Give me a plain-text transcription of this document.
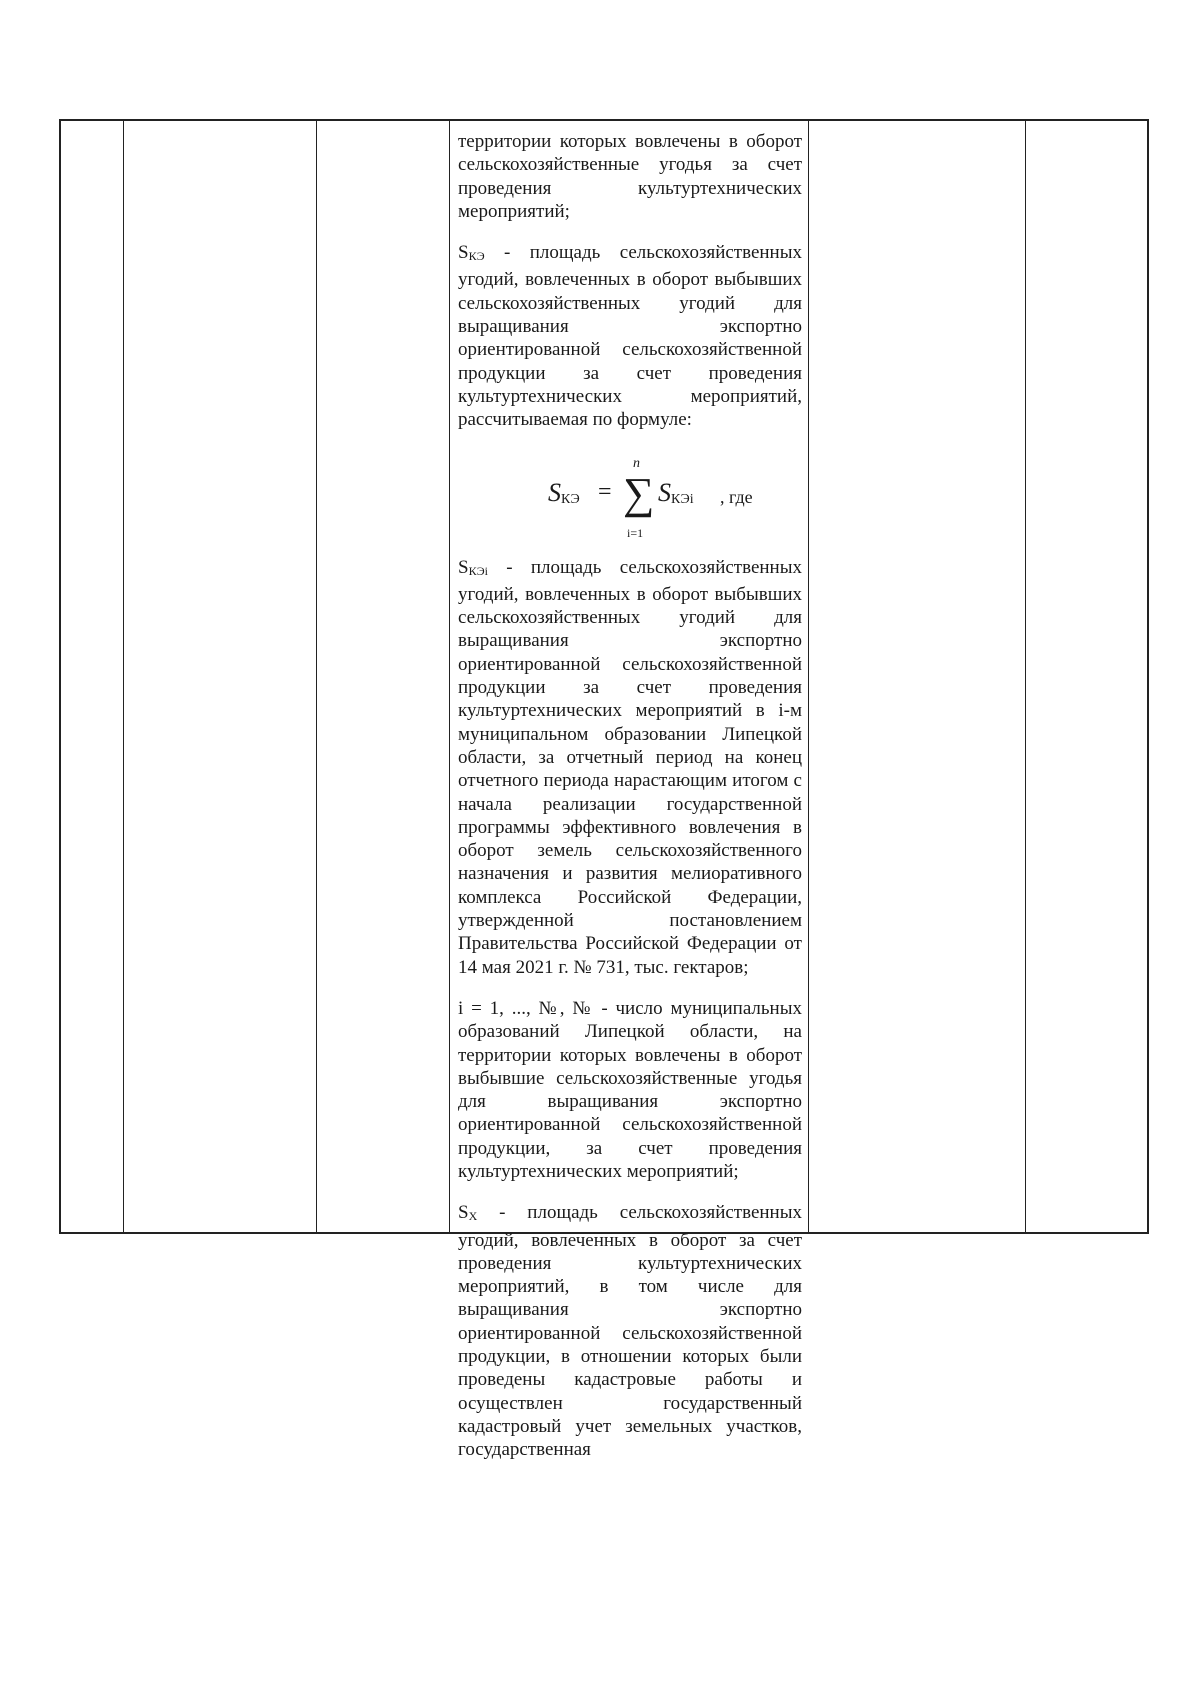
территории которых вовлечены в оборот сельскохозяйственные угодья за счет проведения культуртехнических мероприятий;

SКЭ - площадь сельскохозяйственных угодий, вовлеченных в оборот выбывших сельскохозяйственных угодий для выращивания экспортно ориентированной сельскохозяйственной продукции за счет проведения культуртехнических мероприятий, рассчитываемая по формуле:

SКЭ =
n
∑
i=1
SКЭi , где

SКЭi - площадь сельскохозяйственных угодий, вовлеченных в оборот выбывших сельскохозяйственных угодий для выращивания экспортно ориентированной сельскохозяйственной продукции за счет проведения культуртехнических мероприятий в i-м муниципальном образовании Липецкой области, за отчетный период на конец отчетного периода нарастающим итогом с начала реализации государственной программы эффективного вовлечения в оборот земель сельскохозяйственного назначения и развития мелиоративного комплекса Российской Федерации, утвержденной постановлением Правительства Российской Федерации от 14 мая 2021 г. № 731, тыс. гектаров;

i = 1, ..., №, № - число муниципальных образований Липецкой области, на территории которых вовлечены в оборот выбывшие сельскохозяйственные угодья для выращивания экспортно ориентированной сельскохозяйственной продукции, за счет проведения культуртехнических мероприятий;

SХ - площадь сельскохозяйственных угодий, вовлеченных в оборот за счет проведения культуртехнических мероприятий, в том числе для выращивания экспортно ориентированной сельскохозяйственной продукции, в отношении которых были проведены кадастровые работы и осуществлен государственный кадастровый учет земельных участков, государственная
